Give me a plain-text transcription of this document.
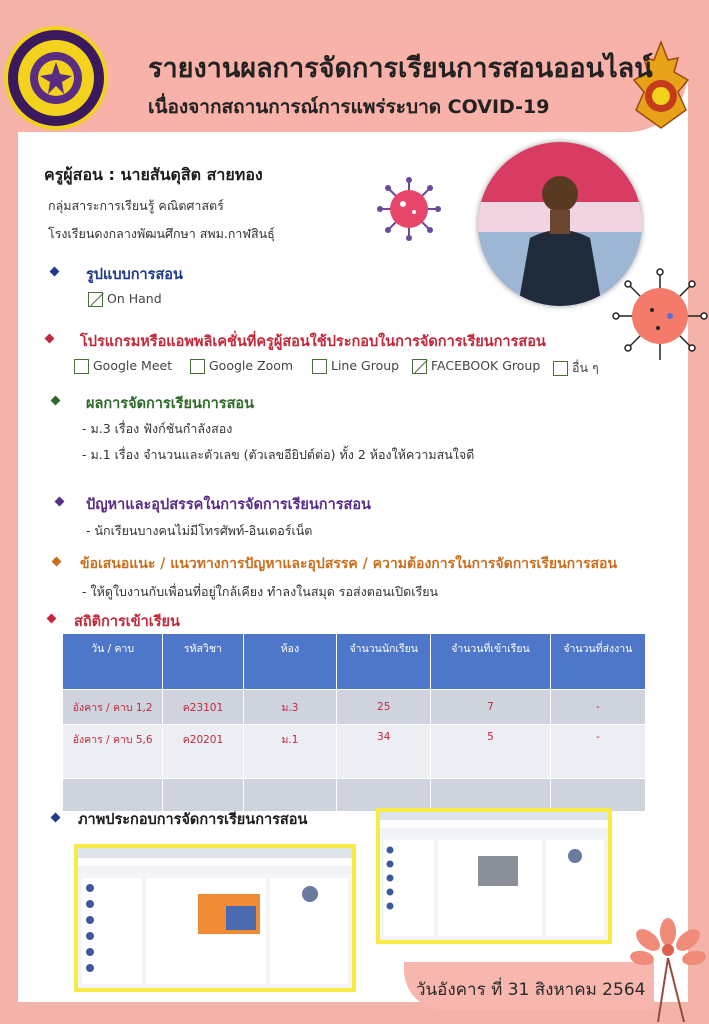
รายงานผลการจัดการเรียนการสอนออนไลน์
เนื่องจากสถานการณ์การแพร่ระบาด COVID-19
ครูผู้สอน : นายสันดุสิต สายทอง
กลุ่มสาระการเรียนรู้ คณิตศาสตร์
โรงเรียนดงกลางพัฒนศึกษา สพม.กาฬสินธุ์
รูปแบบการสอน
On Hand
โปรแกรมหรือแอพพลิเคชั่นที่ครูผู้สอนใช้ประกอบในการจัดการเรียนการสอน
Google Meet	Google Zoom	Line Group	FACEBOOK Group	อื่น ๆ
ผลการจัดการเรียนการสอน
- ม.3 เรื่อง ฟังก์ชันกำลังสอง
- ม.1 เรื่อง จำนวนและตัวเลข (ตัวเลขอียิปต์ต่อ) ทั้ง 2 ห้องให้ความสนใจดี
ปัญหาและอุปสรรคในการจัดการเรียนการสอน
- นักเรียนบางคนไม่มีโทรศัพท์-อินเตอร์เน็ต
ข้อเสนอแนะ / แนวทางการปัญหาและอุปสรรค / ความต้องการในการจัดการเรียนการสอน
- ให้ดูใบงานกับเพื่อนที่อยู่ใกล้เคียง ทำลงในสมุด รอส่งตอนเปิดเรียน
สถิติการเข้าเรียน
วัน / คาบ	รหัสวิชา	ห้อง	จำนวนนักเรียน	จำนวนที่เข้าเรียน	จำนวนที่ส่งงาน
อังคาร / คาบ 1,2	ค23101	ม.3	25	7	-
อังคาร / คาบ 5,6	ค20201	ม.1	34	5	-

ภาพประกอบการจัดการเรียนการสอน
วันอังคาร ที่ 31 สิงหาคม 2564
